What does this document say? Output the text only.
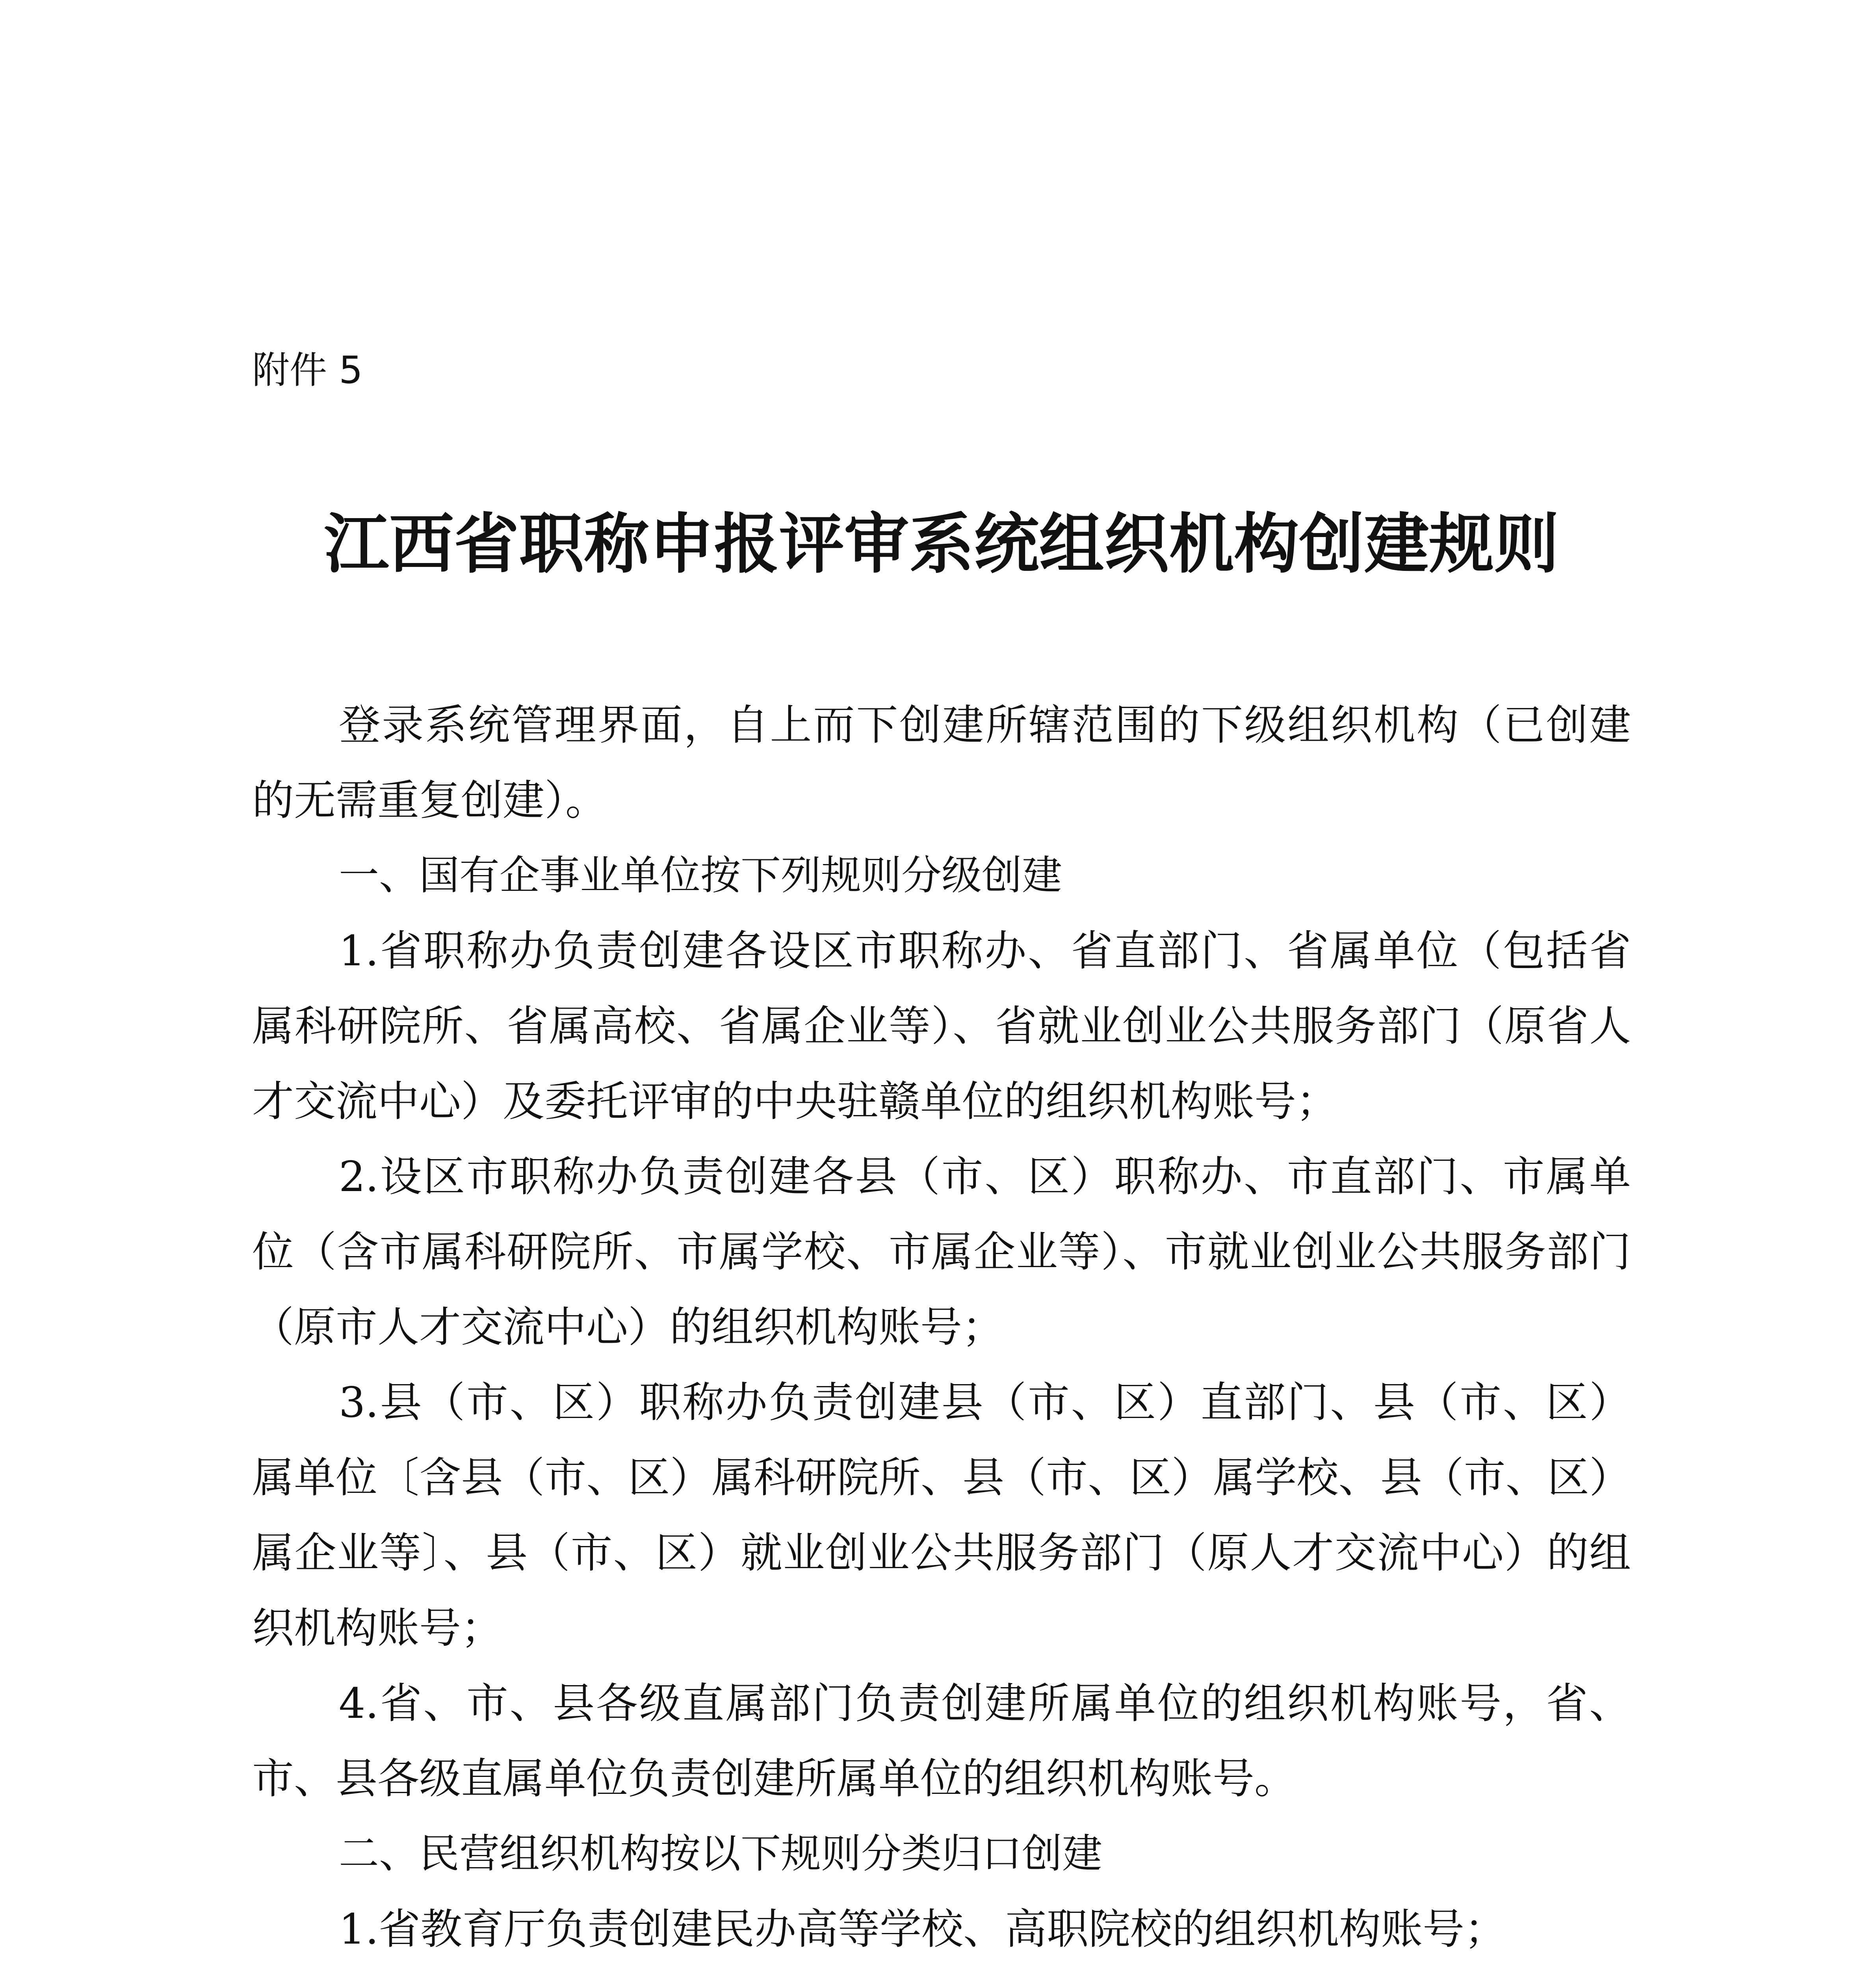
附件 5
江西省职称申报评审系统组织机构创建规则

登录系统管理界面，自上而下创建所辖范围的下级组织机构（已创建的无需重复创建）。

一、国有企事业单位按下列规则分级创建

1.省职称办负责创建各设区市职称办、省直部门、省属单位（包括省属科研院所、省属高校、省属企业等）、省就业创业公共服务部门（原省人才交流中心）及委托评审的中央驻赣单位的组织机构账号；

2.设区市职称办负责创建各县（市、区）职称办、市直部门、市属单位（含市属科研院所、市属学校、市属企业等）、市就业创业公共服务部门（原市人才交流中心）的组织机构账号；

3.县（市、区）职称办负责创建县（市、区）直部门、县（市、区）属单位〔含县（市、区）属科研院所、县（市、区）属学校、县（市、区）属企业等〕、县（市、区）就业创业公共服务部门（原人才交流中心）的组织机构账号；

4.省、市、县各级直属部门负责创建所属单位的组织机构账号，省、市、县各级直属单位负责创建所属单位的组织机构账号。

二、民营组织机构按以下规则分类归口创建

1.省教育厅负责创建民办高等学校、高职院校的组织机构账号；
